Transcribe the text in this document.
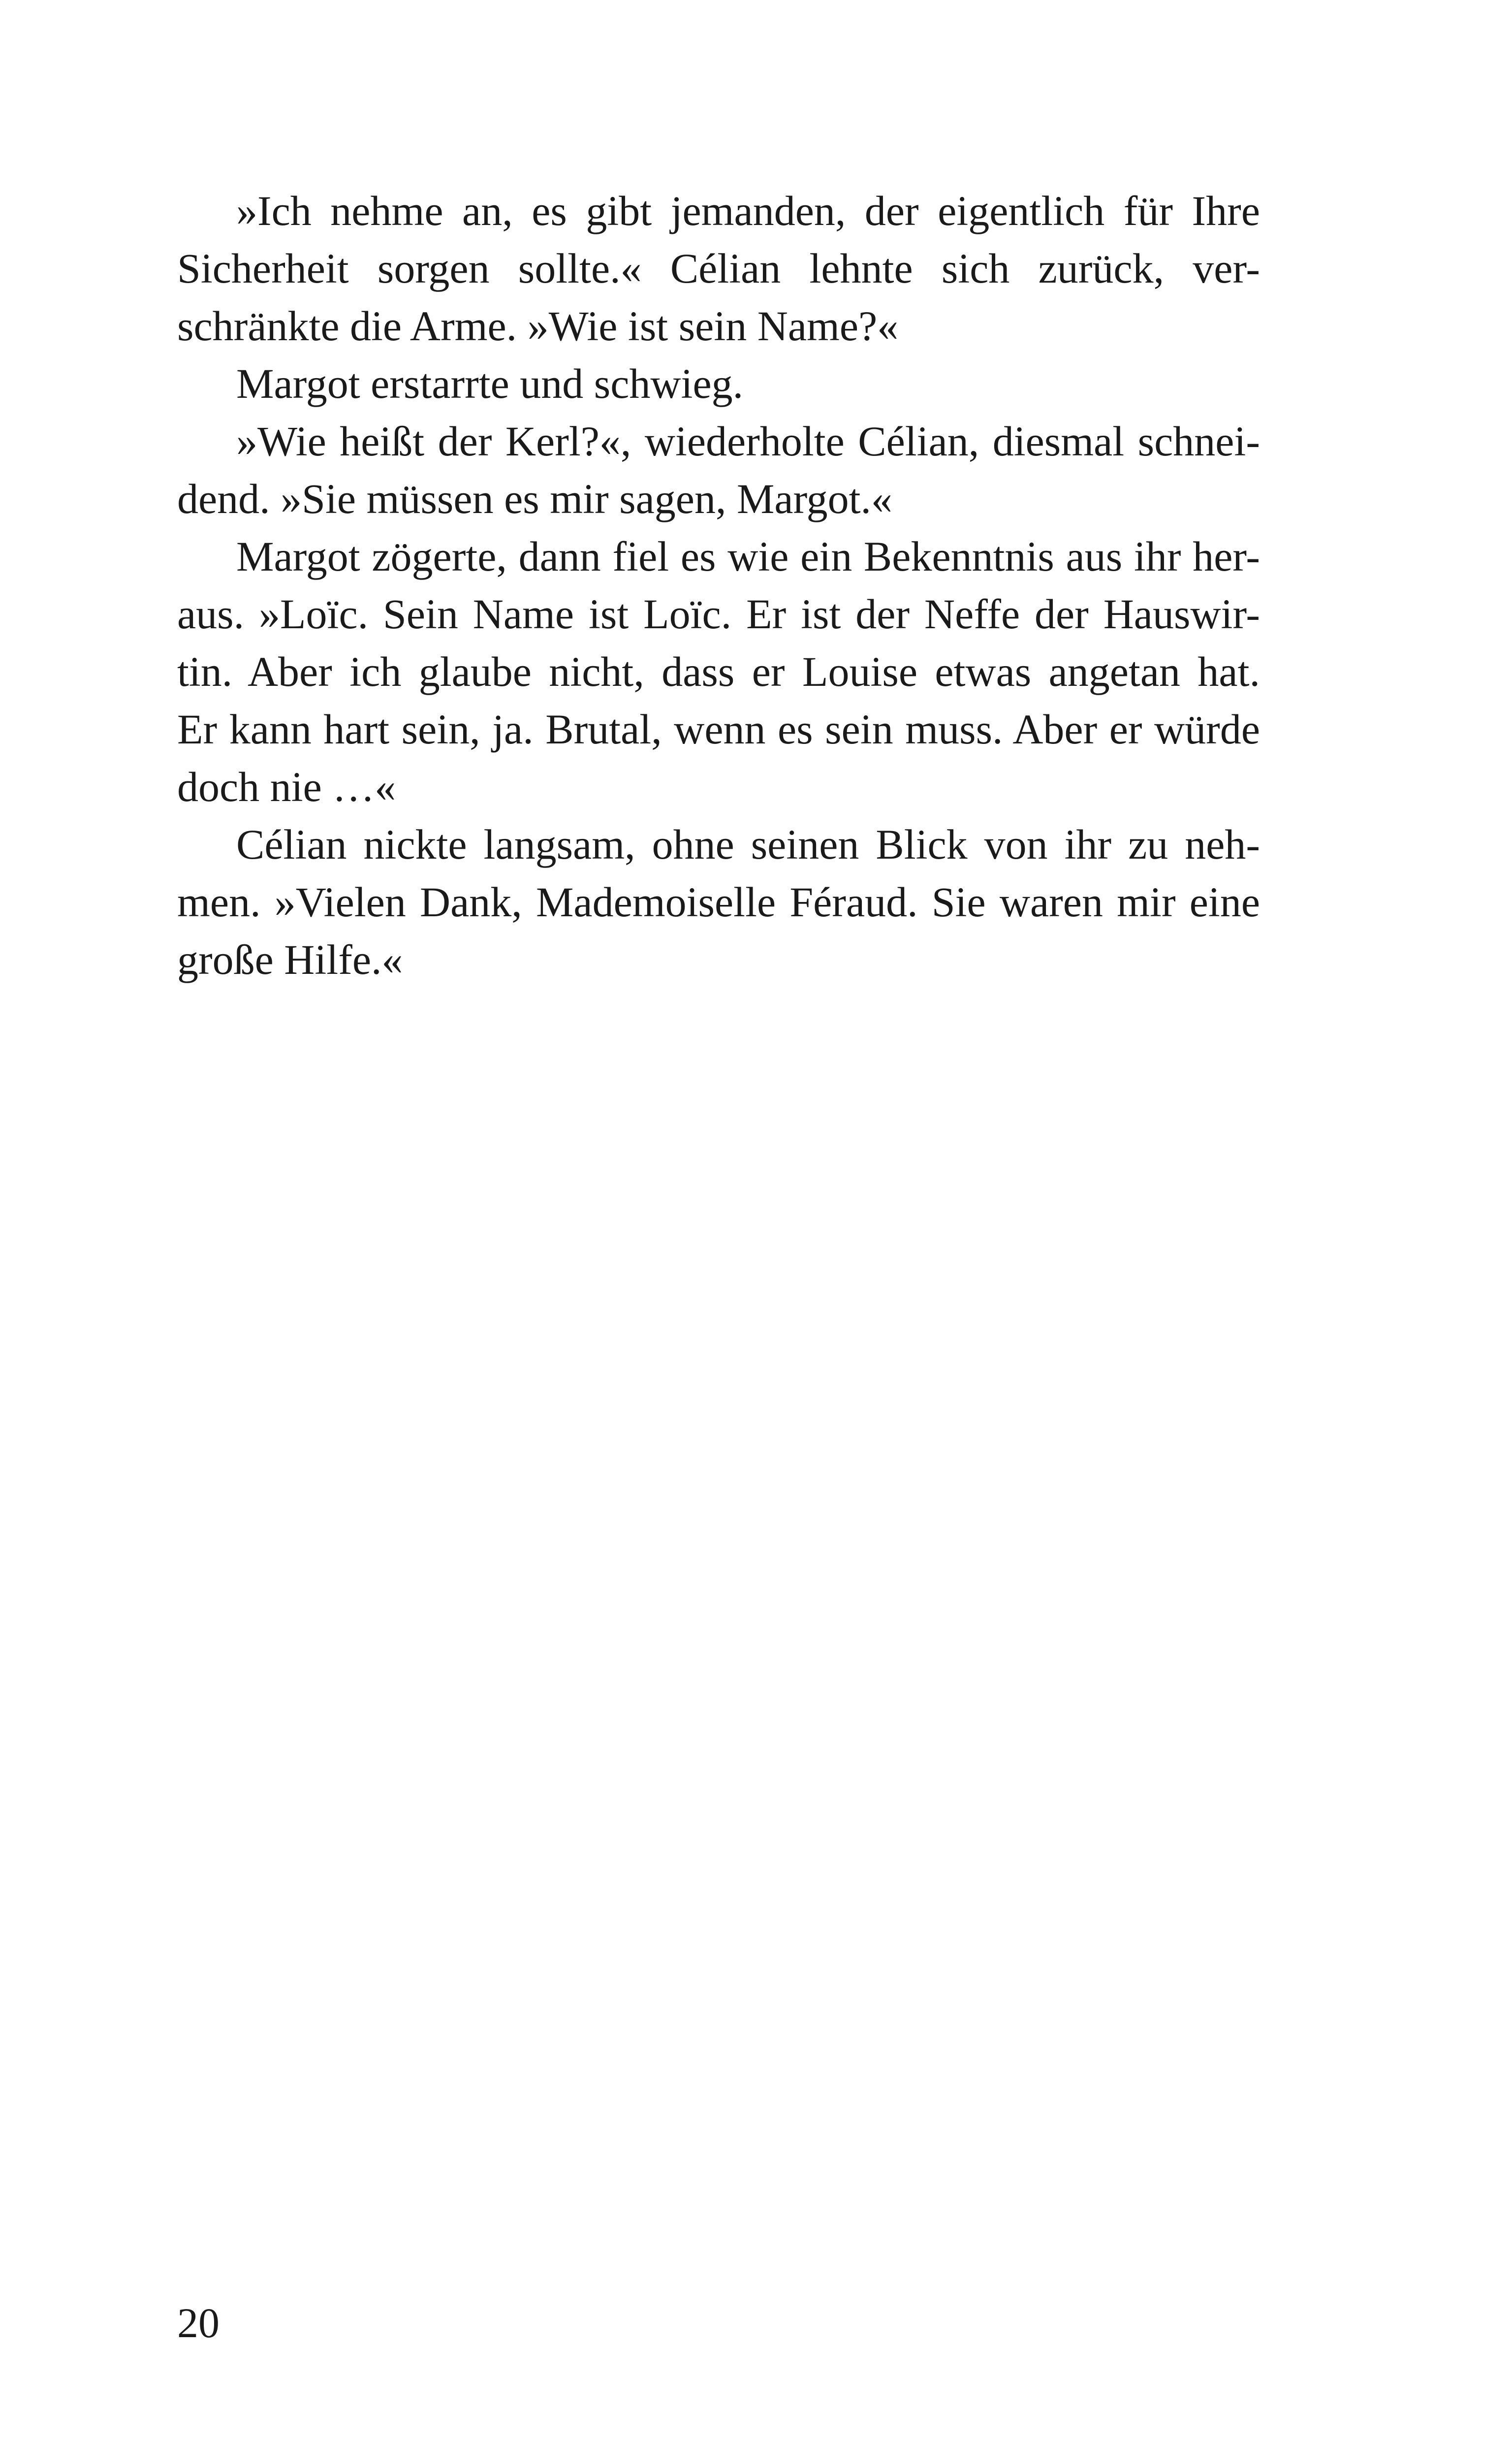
»Ich nehme an, es gibt jemanden, der eigentlich für Ihre
Sicherheit sorgen sollte.« Célian lehnte sich zurück, ver-
schränkte die Arme. »Wie ist sein Name?«
Margot erstarrte und schwieg.
»Wie heißt der Kerl?«, wiederholte Célian, diesmal schnei-
dend. »Sie müssen es mir sagen, Margot.«
Margot zögerte, dann fiel es wie ein Bekenntnis aus ihr her-
aus. »Loïc. Sein Name ist Loïc. Er ist der Neffe der Hauswir-
tin. Aber ich glaube nicht, dass er Louise etwas angetan hat.
Er kann hart sein, ja. Brutal, wenn es sein muss. Aber er würde
doch nie …«
Célian nickte langsam, ohne seinen Blick von ihr zu neh-
men. »Vielen Dank, Mademoiselle Féraud. Sie waren mir eine
große Hilfe.«
20
